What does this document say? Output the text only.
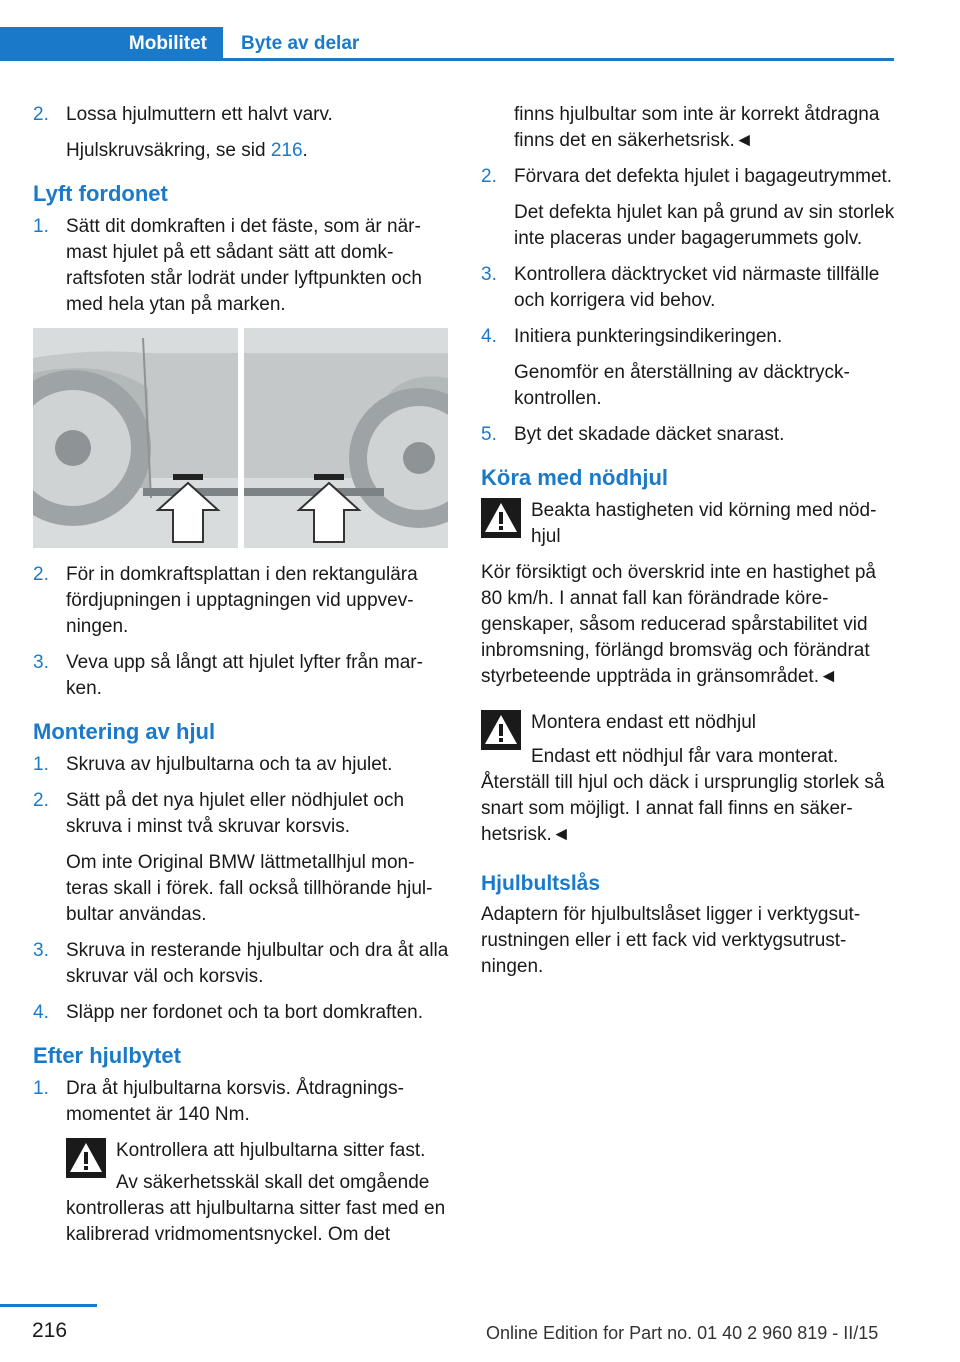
Mobilitet	Byte av delar
2. Lossa hjulmuttern ett halvt varv.
Hjulskruvsäkring, se sid 216.
Lyft fordonet
1. Sätt dit domkraften i det fäste, som är närmast hjulet på ett sådant sätt att domkraftsfoten står lodrät under lyftpunkten och med hela ytan på marken.
2. För in domkraftsplattan i den rektangulära fördjupningen i upptagningen vid uppvevningen.
3. Veva upp så långt att hjulet lyfter från marken.
Montering av hjul
1. Skruva av hjulbultarna och ta av hjulet.
2. Sätt på det nya hjulet eller nödhjulet och skruva i minst två skruvar korsvis.
Om inte Original BMW lättmetallhjul monteras skall i förek. fall också tillhörande hjulbultar användas.
3. Skruva in resterande hjulbultar och dra åt alla skruvar väl och korsvis.
4. Släpp ner fordonet och ta bort domkraften.
Efter hjulbytet
1. Dra åt hjulbultarna korsvis. Åtdragningsmomentet är 140 Nm.
Kontrollera att hjulbultarna sitter fast.
Av säkerhetsskäl skall det omgående kontrolleras att hjulbultarna sitter fast med en kalibrerad vridmomentsnyckel. Om det
finns hjulbultar som inte är korrekt åtdragna finns det en säkerhetsrisk.◄
2. Förvara det defekta hjulet i bagageutrymmet.
Det defekta hjulet kan på grund av sin storlek inte placeras under bagagerummets golv.
3. Kontrollera däcktrycket vid närmaste tillfälle och korrigera vid behov.
4. Initiera punkteringsindikeringen.
Genomför en återställning av däcktryckkontrollen.
5. Byt det skadade däcket snarast.
Köra med nödhjul
Beakta hastigheten vid körning med nödhjul
Kör försiktigt och överskrid inte en hastighet på 80 km/h. I annat fall kan förändrade köregenskaper, såsom reducerad spårstabilitet vid inbromsning, förlängd bromsväg och förändrat styrbeteende uppträda in gränsområdet.◄
Montera endast ett nödhjul
Endast ett nödhjul får vara monterat.
Återställ till hjul och däck i ursprunglig storlek så snart som möjligt. I annat fall finns en säkerhetsrisk.◄
Hjulbultslås
Adaptern för hjulbultslåset ligger i verktygsutrustningen eller i ett fack vid verktygsutrustningen.
216	Online Edition for Part no. 01 40 2 960 819 - II/15
